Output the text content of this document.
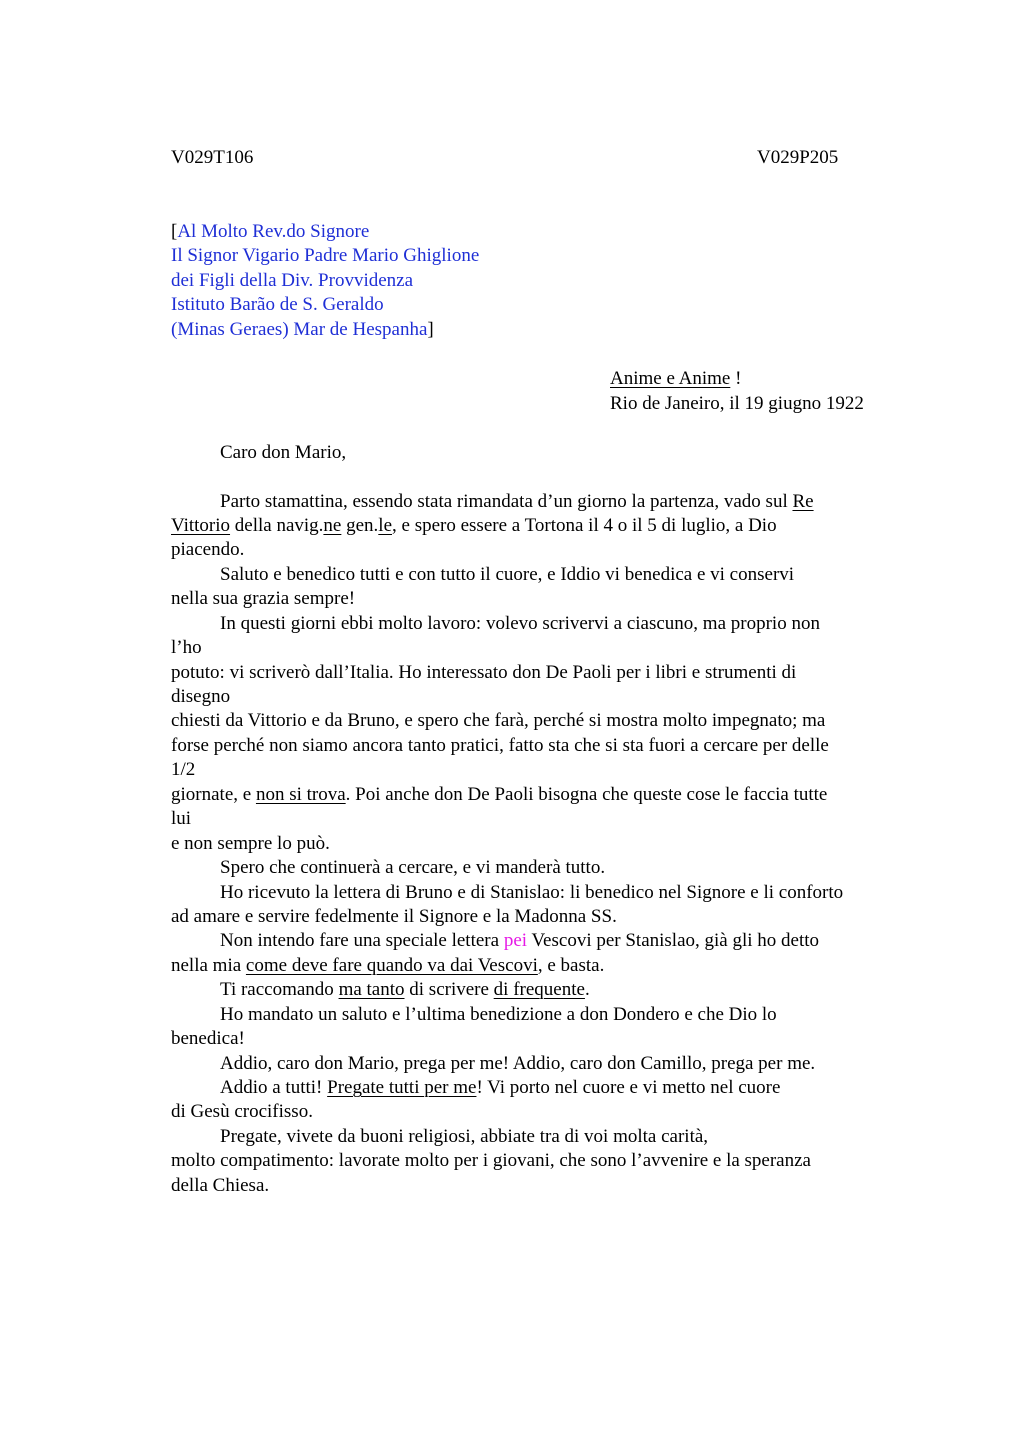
V029T106	V029P205
[Al Molto Rev.do Signore
Il Signor Vigario Padre Mario Ghiglione
dei Figli della Div. Provvidenza
Istituto Barão de S. Geraldo
(Minas Geraes) Mar de Hespanha]
Anime e Anime !
Rio de Janeiro, il 19 giugno 1922
Caro don Mario,
Parto stamattina, essendo stata rimandata d’un giorno la partenza, vado sul Re
Vittorio della navig.ne gen.le, e spero essere a Tortona il 4 o il 5 di luglio, a Dio
piacendo.
Saluto e benedico tutti e con tutto il cuore, e Iddio vi benedica e vi conservi
nella sua grazia sempre!
In questi giorni ebbi molto lavoro: volevo scrivervi a ciascuno, ma proprio non
l’ho
potuto: vi scriverò dall’Italia. Ho interessato don De Paoli per i libri e strumenti di
disegno
chiesti da Vittorio e da Bruno, e spero che farà, perché si mostra molto impegnato; ma
forse perché non siamo ancora tanto pratici, fatto sta che si sta fuori a cercare per delle
1/2
giornate, e non si trova. Poi anche don De Paoli bisogna che queste cose le faccia tutte
lui
e non sempre lo può.
Spero che continuerà a cercare, e vi manderà tutto.
Ho ricevuto la lettera di Bruno e di Stanislao: li benedico nel Signore e li conforto
ad amare e servire fedelmente il Signore e la Madonna SS.
Non intendo fare una speciale lettera pei Vescovi per Stanislao, già gli ho detto
nella mia come deve fare quando va dai Vescovi, e basta.
Ti raccomando ma tanto di scrivere di frequente.
Ho mandato un saluto e l’ultima benedizione a don Dondero e che Dio lo
benedica!
Addio, caro don Mario, prega per me! Addio, caro don Camillo, prega per me.
Addio a tutti! Pregate tutti per me! Vi porto nel cuore e vi metto nel cuore
di Gesù crocifisso.
Pregate, vivete da buoni religiosi, abbiate tra di voi molta carità,
molto compatimento: lavorate molto per i giovani, che sono l’avvenire e la speranza
della Chiesa.
